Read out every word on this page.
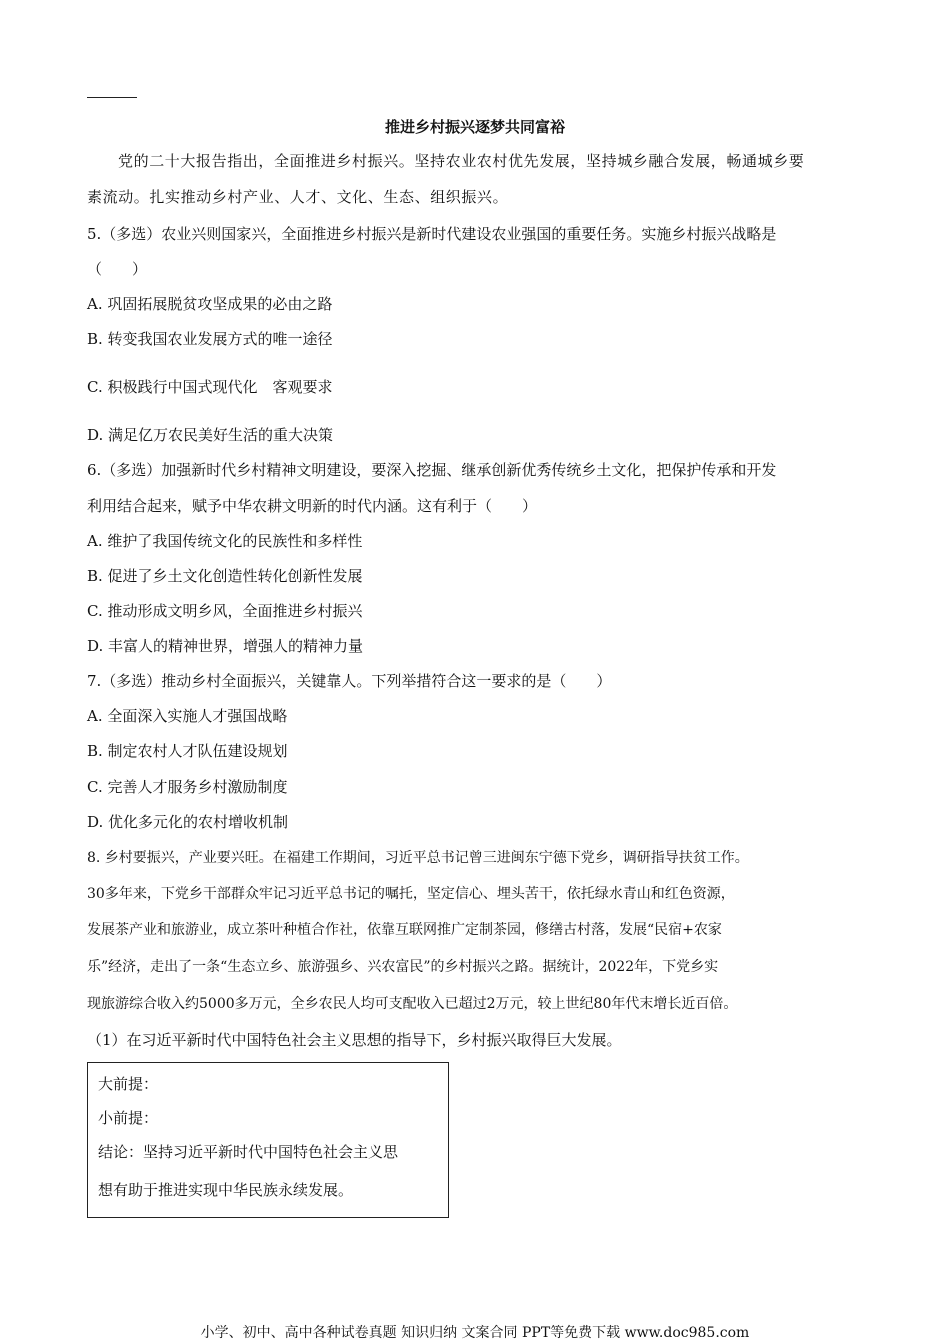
推进乡村振兴逐梦共同富裕
党的二十大报告指出，全面推进乡村振兴。坚持农业农村优先发展，坚持城乡融合发展，畅通城乡要
素流动。扎实推动乡村产业、人才、文化、生态、组织振兴。
5.（多选）农业兴则国家兴，全面推进乡村振兴是新时代建设农业强国的重要任务。实施乡村振兴战略是
（　　）
A. 巩固拓展脱贫攻坚成果的必由之路
B. 转变我国农业发展方式的唯一途径
C. 积极践行中国式现代化　客观要求
D. 满足亿万农民美好生活的重大决策
6.（多选）加强新时代乡村精神文明建设，要深入挖掘、继承创新优秀传统乡土文化，把保护传承和开发
利用结合起来，赋予中华农耕文明新的时代内涵。这有利于（　　）
A. 维护了我国传统文化的民族性和多样性
B. 促进了乡土文化创造性转化创新性发展
C. 推动形成文明乡风，全面推进乡村振兴
D. 丰富人的精神世界，增强人的精神力量
7.（多选）推动乡村全面振兴，关键靠人。下列举措符合这一要求的是（　　）
A. 全面深入实施人才强国战略
B. 制定农村人才队伍建设规划
C. 完善人才服务乡村激励制度
D. 优化多元化的农村增收机制
8. 乡村要振兴，产业要兴旺。在福建工作期间，习近平总书记曾三进闽东宁德下党乡，调研指导扶贫工作。
30多年来，下党乡干部群众牢记习近平总书记的嘱托，坚定信心、埋头苦干，依托绿水青山和红色资源，
发展茶产业和旅游业，成立茶叶种植合作社，依靠互联网推广定制茶园，修缮古村落，发展“民宿+农家
乐”经济，走出了一条“生态立乡、旅游强乡、兴农富民”的乡村振兴之路。据统计，2022年，下党乡实
现旅游综合收入约5000多万元，全乡农民人均可支配收入已超过2万元，较上世纪80年代末增长近百倍。
（1）在习近平新时代中国特色社会主义思想的指导下，乡村振兴取得巨大发展。
大前提：
小前提：
结论：坚持习近平新时代中国特色社会主义思
想有助于推进实现中华民族永续发展。
小学、初中、高中各种试卷真题 知识归纳 文案合同 PPT等免费下载 www.doc985.com
